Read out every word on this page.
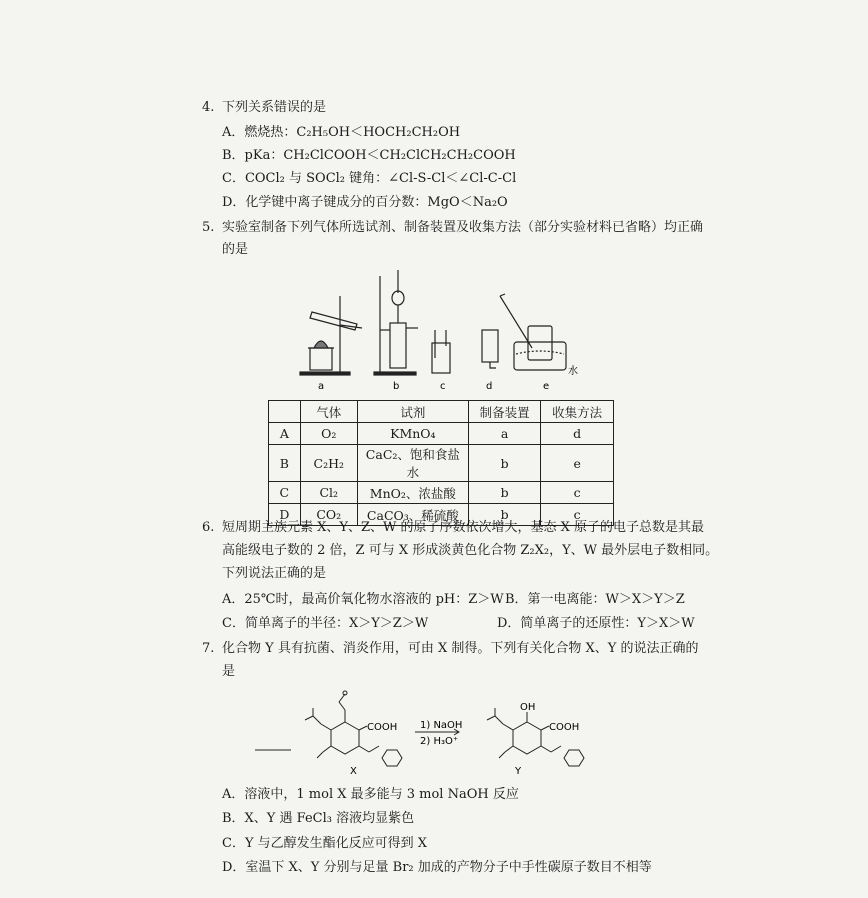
4. 下列关系错误的是
A．燃烧热：C₂H₅OH＜HOCH₂CH₂OH
B．pKa：CH₂ClCOOH＜CH₂ClCH₂CH₂COOH
C．COCl₂ 与 SOCl₂ 键角：∠Cl-S-Cl＜∠Cl-C-Cl
D．化学键中离子键成分的百分数：MgO＜Na₂O
5. 实验室制备下列气体所选试剂、制备装置及收集方法（部分实验材料已省略）均正确
的是
a	b	c	d	e
水
	气体	试剂	制备装置	收集方法
A	O₂	KMnO₄	a	d
B	C₂H₂	CaC₂、饱和食盐水	b	e
C	Cl₂	MnO₂、浓盐酸	b	c
D	CO₂	CaCO₃、稀硫酸	b	c
6. 短周期主族元素 X、Y、Z、W 的原子序数依次增大，基态 X 原子的电子总数是其最
高能级电子数的 2 倍，Z 可与 X 形成淡黄色化合物 Z₂X₂，Y、W 最外层电子数相同。
下列说法正确的是
A．25℃时，最高价氧化物水溶液的 pH：Z＞W B．第一电离能：W＞X＞Y＞Z
C．简单离子的半径：X＞Y＞Z＞W	D．简单离子的还原性：Y＞X＞W
7. 化合物 Y 具有抗菌、消炎作用，可由 X 制得。下列有关化合物 X、Y 的说法正确的
是
COOH 1) NaOH
2) H₃O⁺
COOH
OH
X	Y
A．溶液中，1 mol X 最多能与 3 mol NaOH 反应
B．X、Y 遇 FeCl₃ 溶液均显紫色
C．Y 与乙醇发生酯化反应可得到 X
D．室温下 X、Y 分别与足量 Br₂ 加成的产物分子中手性碳原子数目不相等
